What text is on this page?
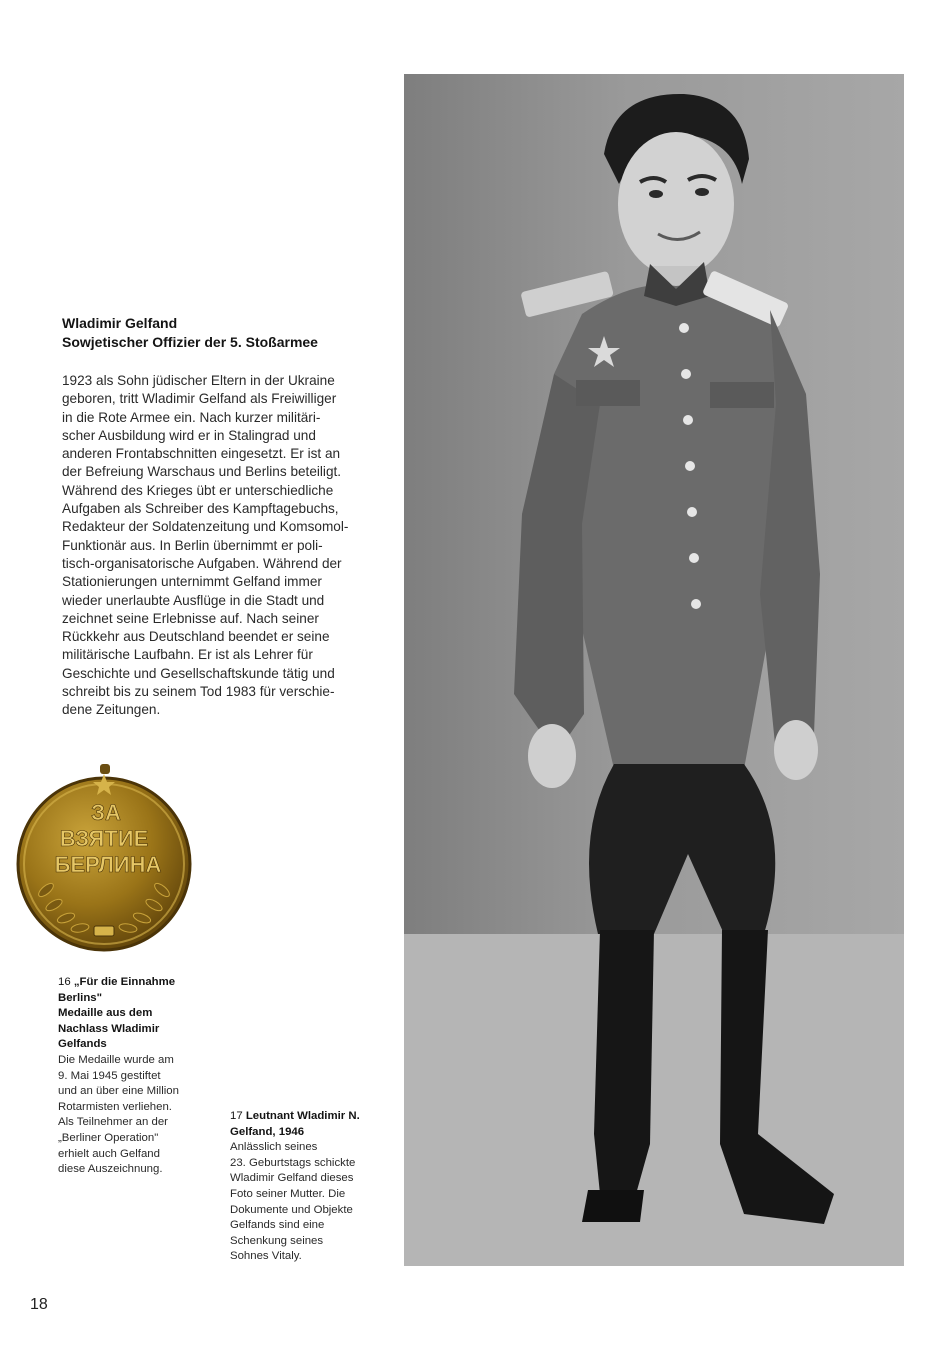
Wladimir Gelfand
Sowjetischer Offizier der 5. Stoßarmee
1923 als Sohn jüdischer Eltern in der Ukraine
geboren, tritt Wladimir Gelfand als Freiwilliger
in die Rote Armee ein. Nach kurzer militäri-
scher Ausbildung wird er in Stalingrad und
anderen Frontabschnitten eingesetzt. Er ist an
der Befreiung Warschaus und Berlins beteiligt.
Während des Krieges übt er unterschiedliche
Aufgaben als Schreiber des Kampftagebuchs,
Redakteur der Soldatenzeitung und Komsomol-
Funktionär aus. In Berlin übernimmt er poli-
tisch-organisatorische Aufgaben. Während der
Stationierungen unternimmt Gelfand immer
wieder unerlaubte Ausflüge in die Stadt und
zeichnet seine Erlebnisse auf. Nach seiner
Rückkehr aus Deutschland beendet er seine
militärische Laufbahn. Er ist als Lehrer für
Geschichte und Gesellschaftskunde tätig und
schreibt bis zu seinem Tod 1983 für verschie-
dene Zeitungen.
ЗА
ВЗЯТИЕ
БЕРЛИНА
16 „Für die Einnahme
Berlins"
Medaille aus dem
Nachlass Wladimir
Gelfands
Die Medaille wurde am
9. Mai 1945 gestiftet
und an über eine Million
Rotarmisten verliehen.
Als Teilnehmer an der
„Berliner Operation"
erhielt auch Gelfand
diese Auszeichnung.
17 Leutnant Wladimir N.
Gelfand, 1946
Anlässlich seines
23. Geburtstags schickte
Wladimir Gelfand dieses
Foto seiner Mutter. Die
Dokumente und Objekte
Gelfands sind eine
Schenkung seines
Sohnes Vitaly.
18
